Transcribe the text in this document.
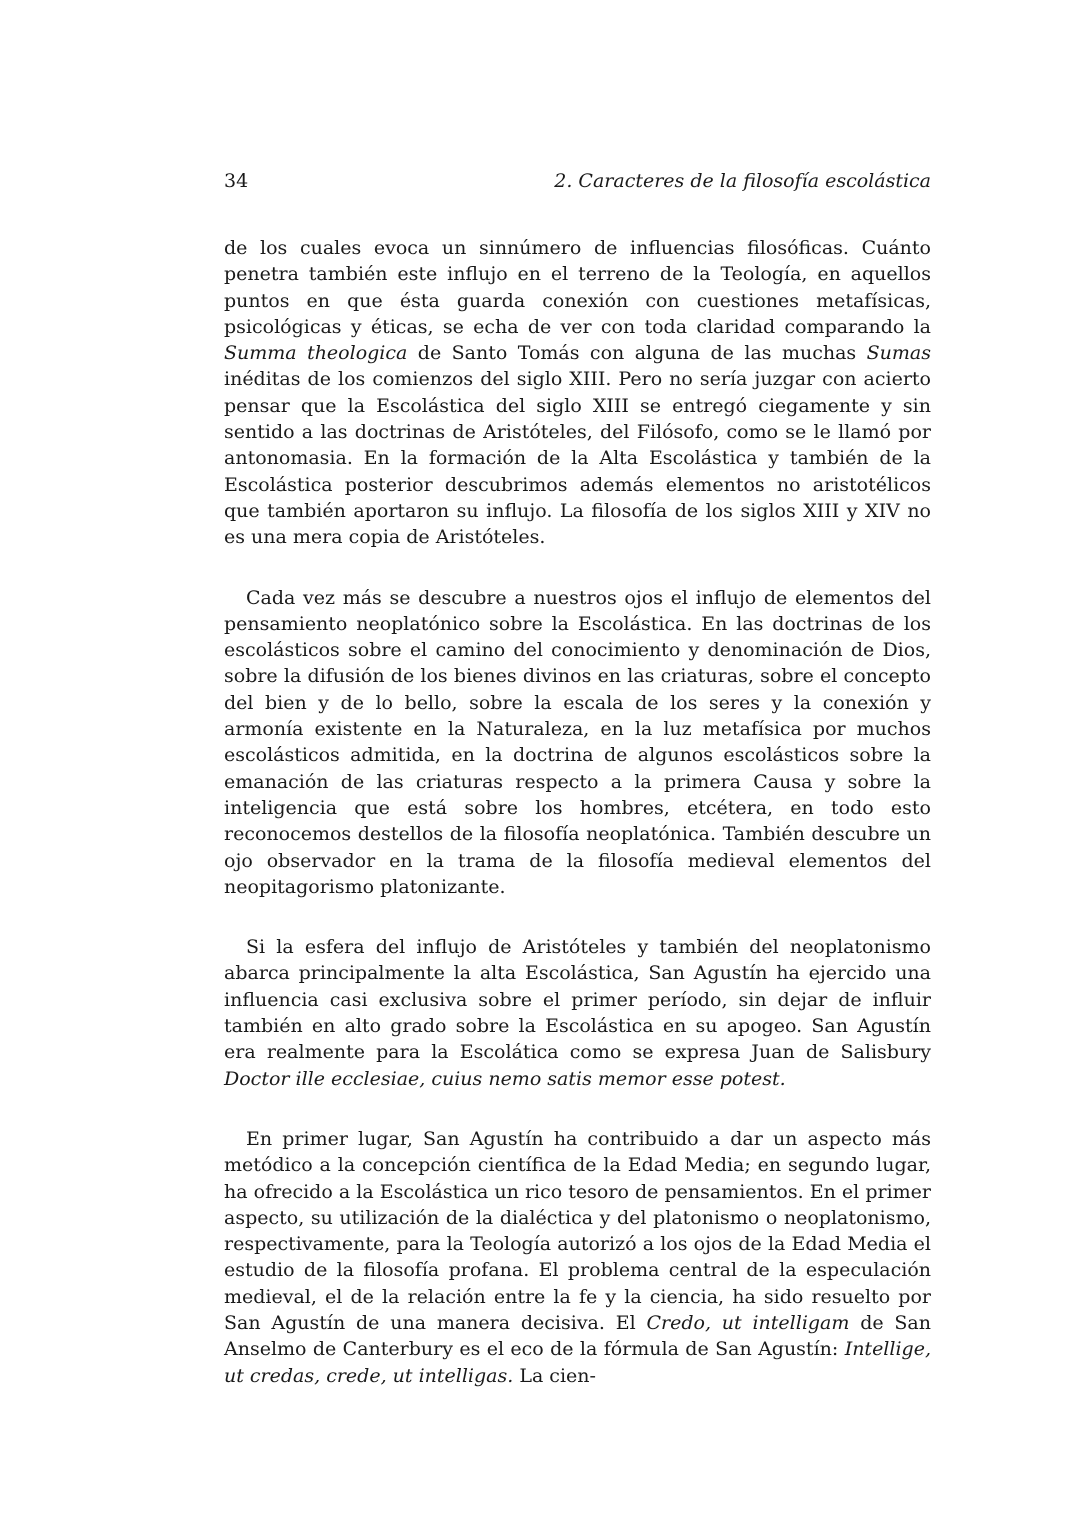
34	2. Caracteres de la filosofía escolástica

de los cuales evoca un sinnúmero de influencias filosóficas. Cuánto penetra también este influjo en el terreno de la Teología, en aquellos puntos en que ésta guarda conexión con cuestiones metafísicas, psicológicas y éticas, se echa de ver con toda claridad comparando la Summa theologica de Santo Tomás con alguna de las muchas Sumas inéditas de los comienzos del siglo XIII. Pero no sería juzgar con acierto pensar que la Escolástica del siglo XIII se entregó ciegamente y sin sentido a las doctrinas de Aristóteles, del Filósofo, como se le llamó por antonomasia. En la formación de la Alta Escolástica y también de la Escolástica posterior descubrimos además elementos no aristotélicos que también aportaron su influjo. La filosofía de los siglos XIII y XIV no es una mera copia de Aristóteles.

Cada vez más se descubre a nuestros ojos el influjo de elementos del pensamiento neoplatónico sobre la Escolástica. En las doctrinas de los escolásticos sobre el camino del conocimiento y denominación de Dios, sobre la difusión de los bienes divinos en las criaturas, sobre el concepto del bien y de lo bello, sobre la escala de los seres y la conexión y armonía existente en la Naturaleza, en la luz metafísica por muchos escolásticos admitida, en la doctrina de algunos escolásticos sobre la emanación de las criaturas respecto a la primera Causa y sobre la inteligencia que está sobre los hombres, etcétera, en todo esto reconocemos destellos de la filosofía neoplatónica. También descubre un ojo observador en la trama de la filosofía medieval elementos del neopitagorismo platonizante.

Si la esfera del influjo de Aristóteles y también del neoplatonismo abarca principalmente la alta Escolástica, San Agustín ha ejercido una influencia casi exclusiva sobre el primer período, sin dejar de influir también en alto grado sobre la Escolástica en su apogeo. San Agustín era realmente para la Escolática como se expresa Juan de Salisbury Doctor ille ecclesiae, cuius nemo satis memor esse potest.

En primer lugar, San Agustín ha contribuido a dar un aspecto más metódico a la concepción científica de la Edad Media; en segundo lugar, ha ofrecido a la Escolástica un rico tesoro de pensamientos. En el primer aspecto, su utilización de la dialéctica y del platonismo o neoplatonismo, respectivamente, para la Teología autorizó a los ojos de la Edad Media el estudio de la filosofía profana. El problema central de la especulación medieval, el de la relación entre la fe y la ciencia, ha sido resuelto por San Agustín de una manera decisiva. El Credo, ut intelligam de San Anselmo de Canterbury es el eco de la fórmula de San Agustín: Intellige, ut credas, crede, ut intelligas. La cien-
